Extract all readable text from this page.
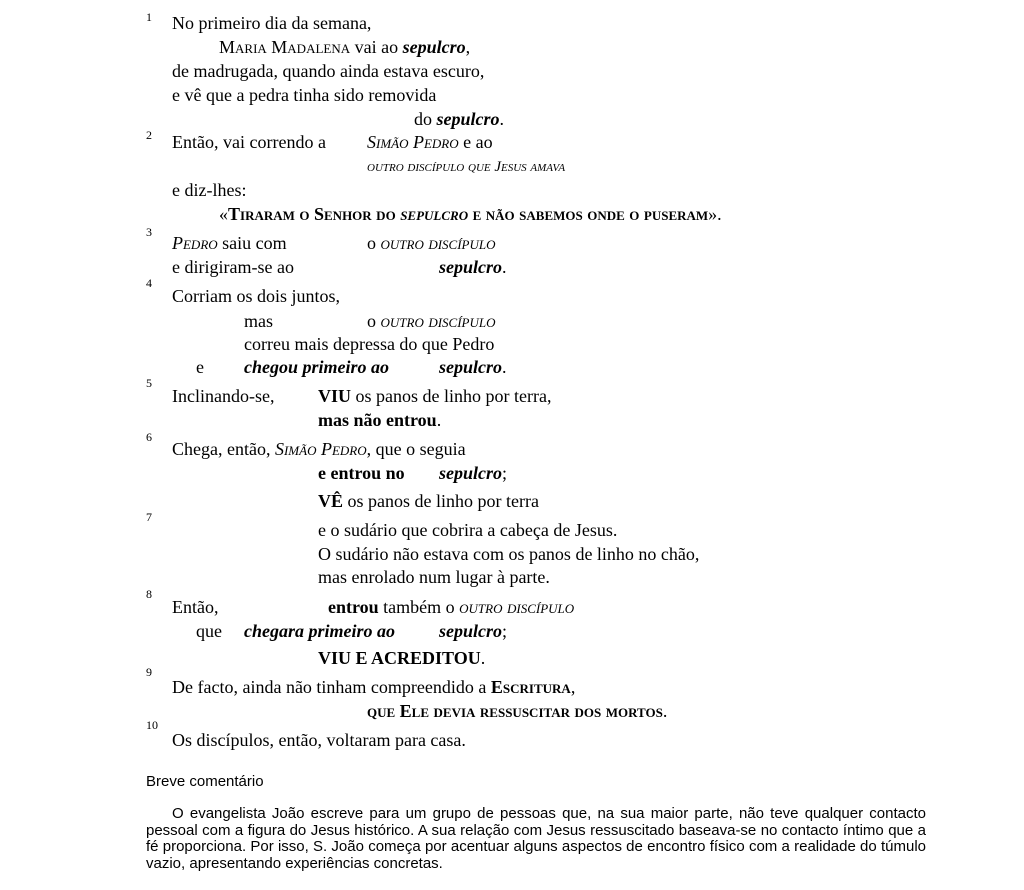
1
2
3
4
5
6
7
8
9
10
No primeiro dia da semana,
Maria Madalena vai ao sepulcro,
de madrugada, quando ainda estava escuro,
e vê que a pedra tinha sido removida
do sepulcro.
Então, vai correndo a Simão Pedro e ao
outro discípulo que Jesus amava
e diz-lhes:
«Tiraram o Senhor do sepulcro e não sabemos onde o puseram».
Pedro saiu com	o outro discípulo
e dirigiram-se ao	sepulcro.
Corriam os dois juntos,
mas	o outro discípulo
correu mais depressa do que Pedro
e chegou primeiro ao	sepulcro.
Inclinando-se, VIU os panos de linho por terra,
mas não entrou.
Chega, então, Simão Pedro, que o seguia
e entrou no sepulcro;
VÊ os panos de linho por terra
e o sudário que cobrira a cabeça de Jesus.
O sudário não estava com os panos de linho no chão,
mas enrolado num lugar à parte.
Então,	entrou também o outro discípulo
que chegara primeiro ao sepulcro;
VIU E ACREDITOU.
De facto, ainda não tinham compreendido a Escritura,
que Ele devia ressuscitar dos mortos.
Os discípulos, então, voltaram para casa.
Breve comentário

O evangelista João escreve para um grupo de pessoas que, na sua maior parte, não teve qualquer contacto pessoal com a figura do Jesus histórico. A sua relação com Jesus ressuscitado baseava-se no contacto íntimo que a fé proporciona. Por isso, S. João começa por acentuar alguns aspectos de encontro físico com a realidade do túmulo vazio, apresentando experiências concretas.
